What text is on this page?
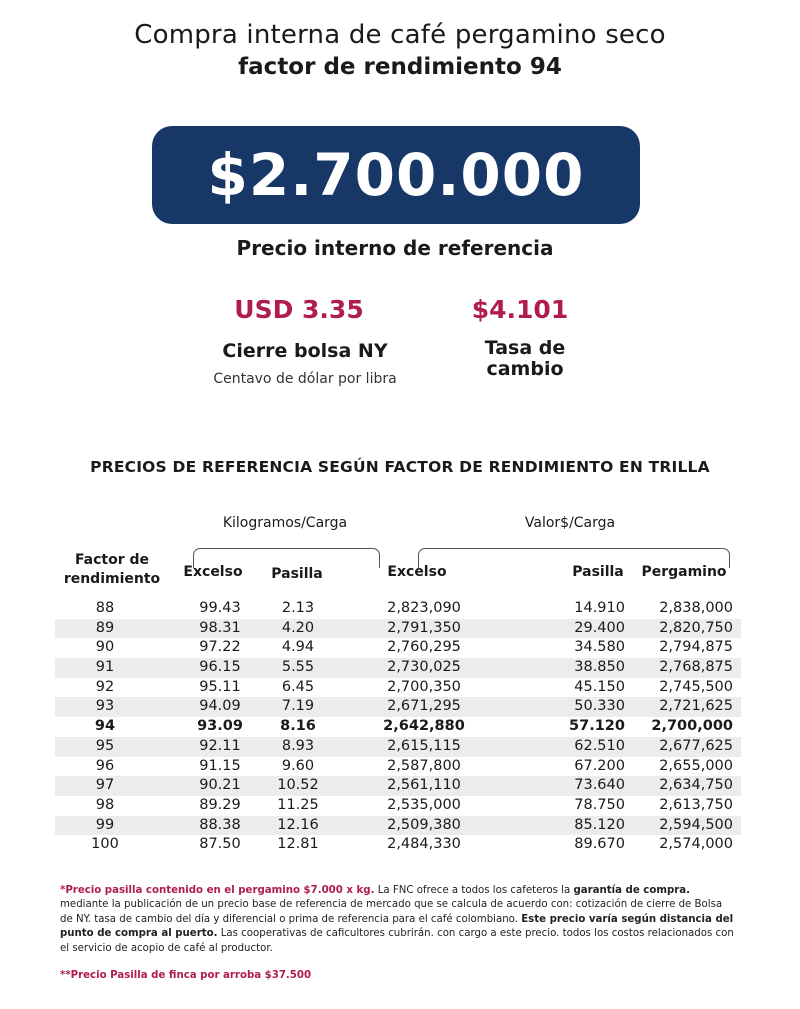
Compra interna de café pergamino seco
factor de rendimiento 94
$2.700.000
Precio interno de referencia
USD 3.35
Cierre bolsa NY
Centavo de dólar por libra
$4.101
Tasa de
cambio
PRECIOS DE REFERENCIA SEGÚN FACTOR DE RENDIMIENTO EN TRILLA
Kilogramos/Carga	Valor$/Carga
Factor de
rendimiento	Excelso	Pasilla	Excelso	Pasilla	Pergamino
88	99.43	2.13	2,823,090	14.910	2,838,000
89	98.31	4.20	2,791,350	29.400	2,820,750
90	97.22	4.94	2,760,295	34.580	2,794,875
91	96.15	5.55	2,730,025	38.850	2,768,875
92	95.11	6.45	2,700,350	45.150	2,745,500
93	94.09	7.19	2,671,295	50.330	2,721,625
94	93.09	8.16	2,642,880	57.120	2,700,000
95	92.11	8.93	2,615,115	62.510	2,677,625
96	91.15	9.60	2,587,800	67.200	2,655,000
97	90.21	10.52	2,561,110	73.640	2,634,750
98	89.29	11.25	2,535,000	78.750	2,613,750
99	88.38	12.16	2,509,380	85.120	2,594,500
100	87.50	12.81	2,484,330	89.670	2,574,000
*Precio pasilla contenido en el pergamino $7.000 x kg. La FNC ofrece a todos los cafeteros la garantía de compra. mediante la publicación de un precio base de referencia de mercado que se calcula de acuerdo con: cotización de cierre de Bolsa de NY. tasa de cambio del día y diferencial o prima de referencia para el café colombiano. Este precio varía según distancia del punto de compra al puerto. Las cooperativas de caficultores cubrirán. con cargo a este precio. todos los costos relacionados con el servicio de acopio de café al productor.
**Precio Pasilla de finca por arroba $37.500
